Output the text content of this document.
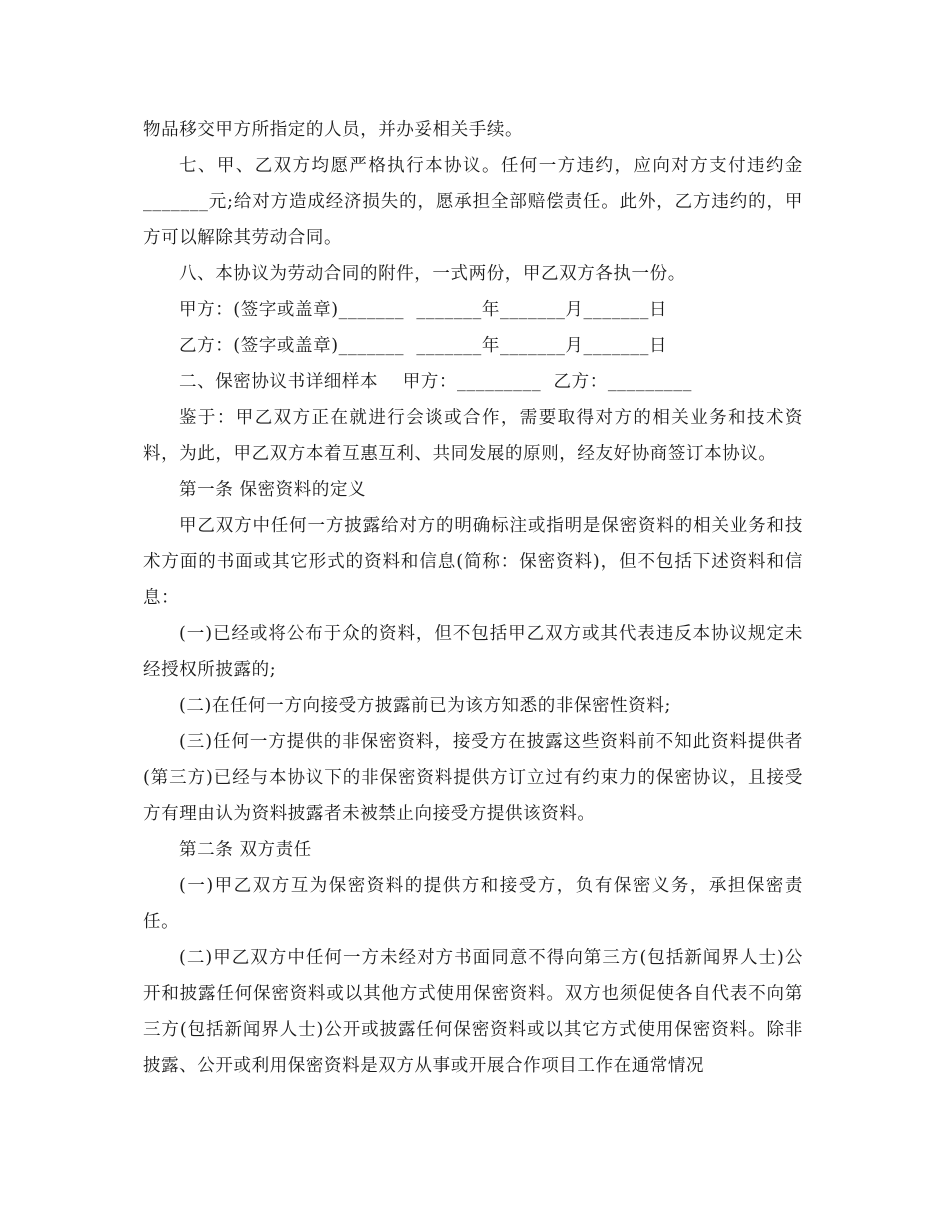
物品移交甲方所指定的人员，并办妥相关手续。

七、甲、乙双方均愿严格执行本协议。任何一方违约，应向对方支付违约金_______元;给对方造成经济损失的，愿承担全部赔偿责任。此外，乙方违约的，甲方可以解除其劳动合同。

八、本协议为劳动合同的附件，一式两份，甲乙双方各执一份。

甲方：(签字或盖章)_______  _______年_______月_______日

乙方：(签字或盖章)_______  _______年_______月_______日

二、保密协议书详细样本    甲方：_________  乙方：_________

鉴于：甲乙双方正在就进行会谈或合作，需要取得对方的相关业务和技术资料，为此，甲乙双方本着互惠互利、共同发展的原则，经友好协商签订本协议。

第一条 保密资料的定义

甲乙双方中任何一方披露给对方的明确标注或指明是保密资料的相关业务和技术方面的书面或其它形式的资料和信息(简称：保密资料)，但不包括下述资料和信息：

(一)已经或将公布于众的资料，但不包括甲乙双方或其代表违反本协议规定未经授权所披露的;

(二)在任何一方向接受方披露前已为该方知悉的非保密性资料;

(三)任何一方提供的非保密资料，接受方在披露这些资料前不知此资料提供者(第三方)已经与本协议下的非保密资料提供方订立过有约束力的保密协议，且接受方有理由认为资料披露者未被禁止向接受方提供该资料。

第二条 双方责任

(一)甲乙双方互为保密资料的提供方和接受方，负有保密义务，承担保密责任。

(二)甲乙双方中任何一方未经对方书面同意不得向第三方(包括新闻界人士)公开和披露任何保密资料或以其他方式使用保密资料。双方也须促使各自代表不向第三方(包括新闻界人士)公开或披露任何保密资料或以其它方式使用保密资料。除非披露、公开或利用保密资料是双方从事或开展合作项目工作在通常情况
